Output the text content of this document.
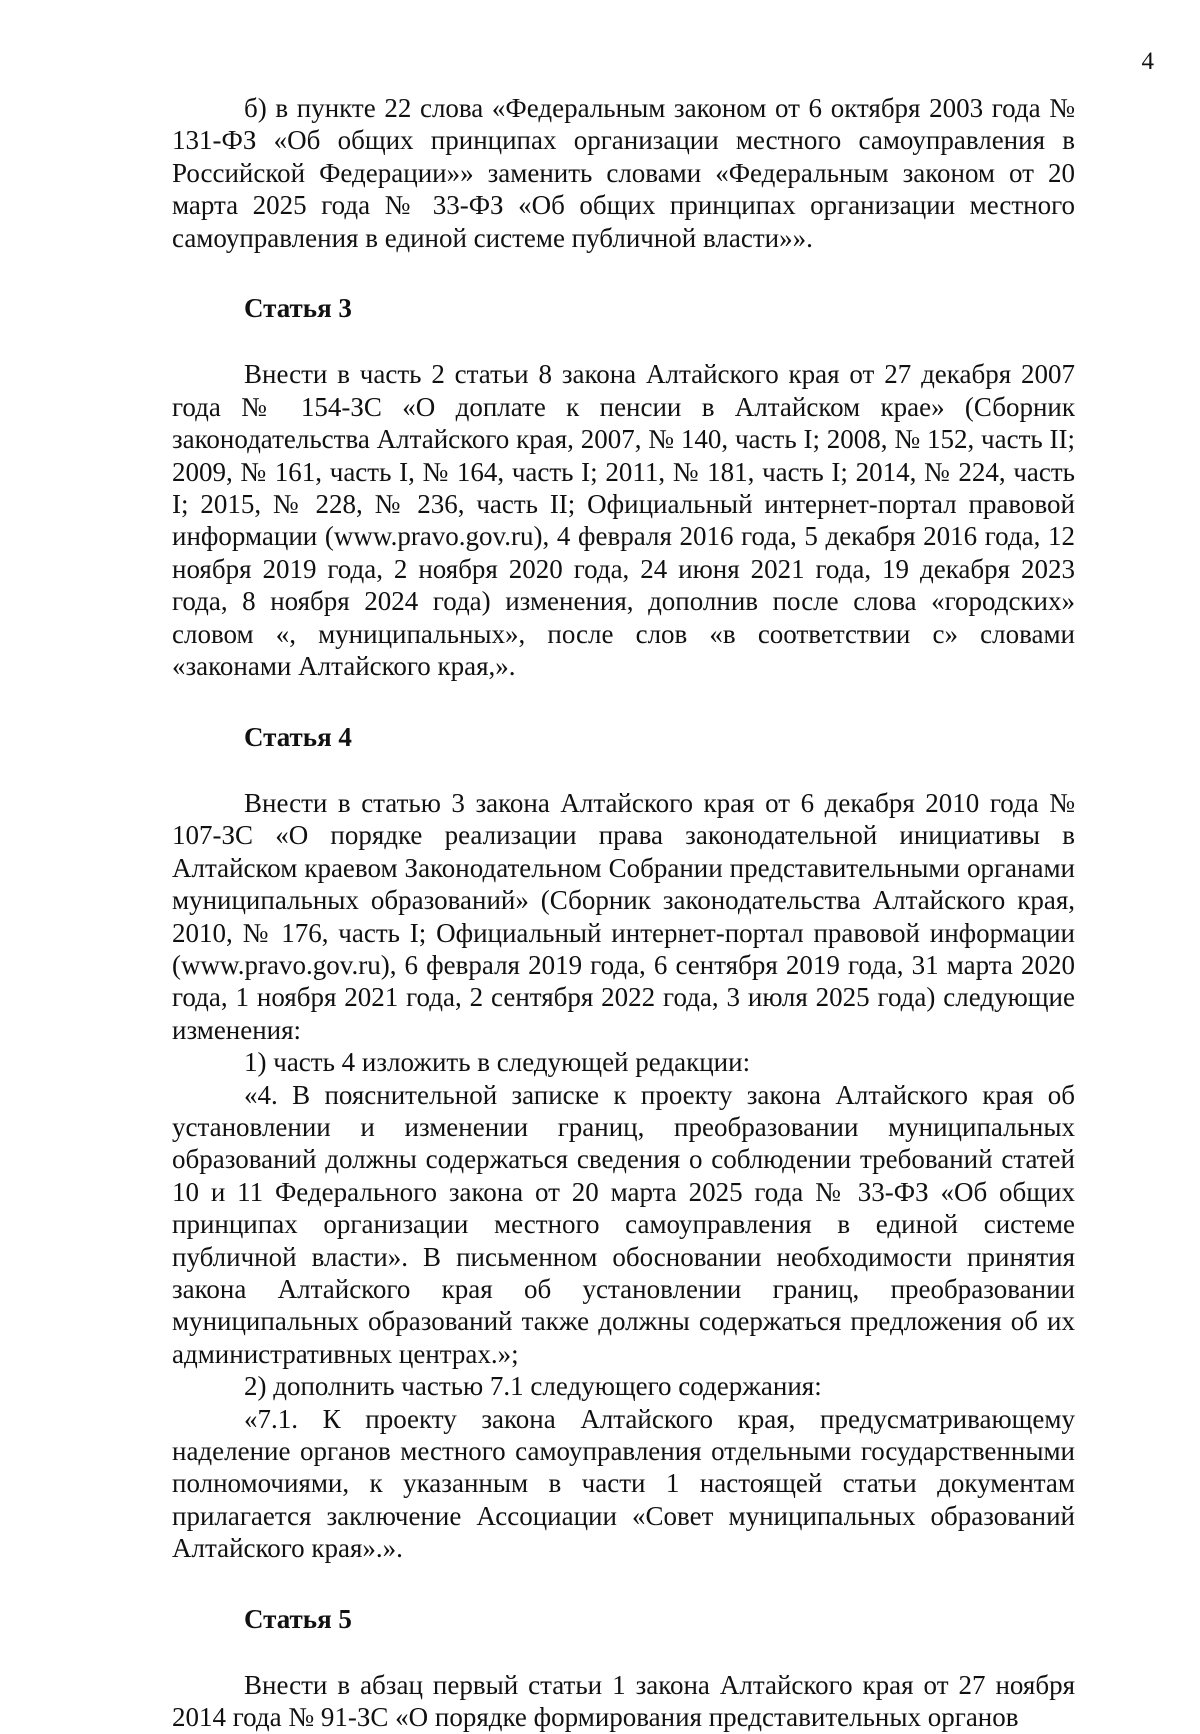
4

б) в пункте 22 слова «Федеральным законом от 6 октября 2003 года № 131-ФЗ «Об общих принципах организации местного самоуправления в Российской Федерации»» заменить словами «Федеральным законом от 20 марта 2025 года № 33-ФЗ «Об общих принципах организации местного самоуправления в единой системе публичной власти»».

Статья 3

Внести в часть 2 статьи 8 закона Алтайского края от 27 декабря 2007 года № 154-ЗС «О доплате к пенсии в Алтайском крае» (Сборник законодательства Алтайского края, 2007, № 140, часть I; 2008, № 152, часть II; 2009, № 161, часть I, № 164, часть I; 2011, № 181, часть I; 2014, № 224, часть I; 2015, № 228, № 236, часть II; Официальный интернет-портал правовой информации (www.pravo.gov.ru), 4 февраля 2016 года, 5 декабря 2016 года, 12 ноября 2019 года, 2 ноября 2020 года, 24 июня 2021 года, 19 декабря 2023 года, 8 ноября 2024 года) изменения, дополнив после слова «городских» словом «, муниципальных», после слов «в соответствии с» словами «законами Алтайского края,».

Статья 4

Внести в статью 3 закона Алтайского края от 6 декабря 2010 года № 107-ЗС «О порядке реализации права законодательной инициативы в Алтайском краевом Законодательном Собрании представительными органами муниципальных образований» (Сборник законодательства Алтайского края, 2010, № 176, часть I; Официальный интернет-портал правовой информации (www.pravo.gov.ru), 6 февраля 2019 года, 6 сентября 2019 года, 31 марта 2020 года, 1 ноября 2021 года, 2 сентября 2022 года, 3 июля 2025 года) следующие изменения:

1) часть 4 изложить в следующей редакции:

«4. В пояснительной записке к проекту закона Алтайского края об установлении и изменении границ, преобразовании муниципальных образований должны содержаться сведения о соблюдении требований статей 10 и 11 Федерального закона от 20 марта 2025 года № 33-ФЗ «Об общих принципах организации местного самоуправления в единой системе публичной власти». В письменном обосновании необходимости принятия закона Алтайского края об установлении границ, преобразовании муниципальных образований также должны содержаться предложения об их административных центрах.»;

2) дополнить частью 7.1 следующего содержания:

«7.1. К проекту закона Алтайского края, предусматривающему наделение органов местного самоуправления отдельными государственными полномочиями, к указанным в части 1 настоящей статьи документам прилагается заключение Ассоциации «Совет муниципальных образований Алтайского края».».

Статья 5

Внести в абзац первый статьи 1 закона Алтайского края от 27 ноября 2014 года № 91-ЗС «О порядке формирования представительных органов
